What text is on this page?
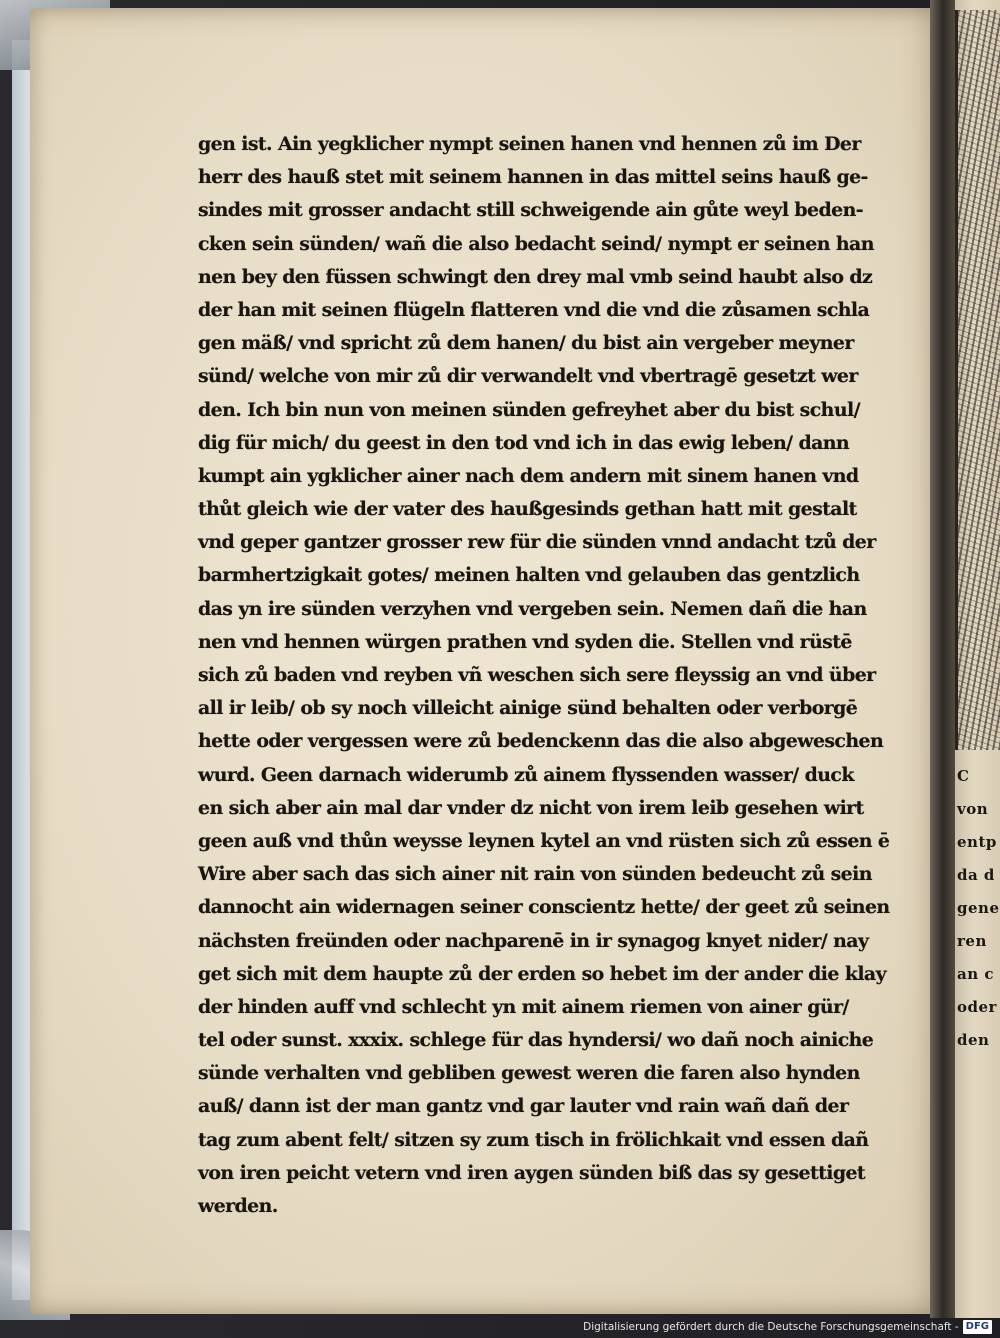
C
von
entp
da d
gene
ren
an c
oder
den
gen ist. Ain yegklicher nympt seinen hanen vnd hennen zů im Der
herr des hauß stet mit seinem hannen in das mittel seins hauß ge-
sindes mit grosser andacht still schweigende ain gůte weyl beden-
cken sein sünden/ wañ die also bedacht seind/ nympt er seinen han
nen bey den füssen schwingt den drey mal vmb seind haubt also dz
der han mit seinen flügeln flatteren vnd die vnd die zůsamen schla
gen mäß/ vnd spricht zů dem hanen/ du bist ain vergeber meyner
sünd/ welche von mir zů dir verwandelt vnd vbertragē gesetzt wer
den. Ich bin nun von meinen sünden gefreyhet aber du bist schul/
dig für mich/ du geest in den tod vnd ich in das ewig leben/ dann
kumpt ain ygklicher ainer nach dem andern mit sinem hanen vnd
thůt gleich wie der vater des haußgesinds gethan hatt mit gestalt
vnd geper gantzer grosser rew für die sünden vnnd andacht tzů der
barmhertzigkait gotes/ meinen halten vnd gelauben das gentzlich
das yn ire sünden verzyhen vnd vergeben sein. Nemen dañ die han
nen vnd hennen würgen prathen vnd syden die. Stellen vnd rüstē
sich zů baden vnd reyben vñ weschen sich sere fleyssig an vnd über
all ir leib/ ob sy noch villeicht ainige sünd behalten oder verborgē
hette oder vergessen were zů bedenckenn das die also abgeweschen
wurd. Geen darnach widerumb zů ainem flyssenden wasser/ duck
en sich aber ain mal dar vnder dz nicht von irem leib gesehen wirt
geen auß vnd thůn weysse leynen kytel an vnd rüsten sich zů essen ē
Wire aber sach das sich ainer nit rain von sünden bedeucht zů sein
dannocht ain widernagen seiner conscientz hette/ der geet zů seinen
nächsten freünden oder nachparenē in ir synagog knyet nider/ nay
get sich mit dem haupte zů der erden so hebet im der ander die klay
der hinden auff vnd schlecht yn mit ainem riemen von ainer gür/
tel oder sunst. xxxix. schlege für das hyndersi/ wo dañ noch ainiche
sünde verhalten vnd gebliben gewest weren die faren also hynden
auß/ dann ist der man gantz vnd gar lauter vnd rain wañ dañ der
tag zum abent felt/ sitzen sy zum tisch in frölichkait vnd essen dañ
von iren peicht vetern vnd iren aygen sünden biß das sy gesettiget
werden.
Digitalisierung gefördert durch die Deutsche Forschungsgemeinschaft - DFG
